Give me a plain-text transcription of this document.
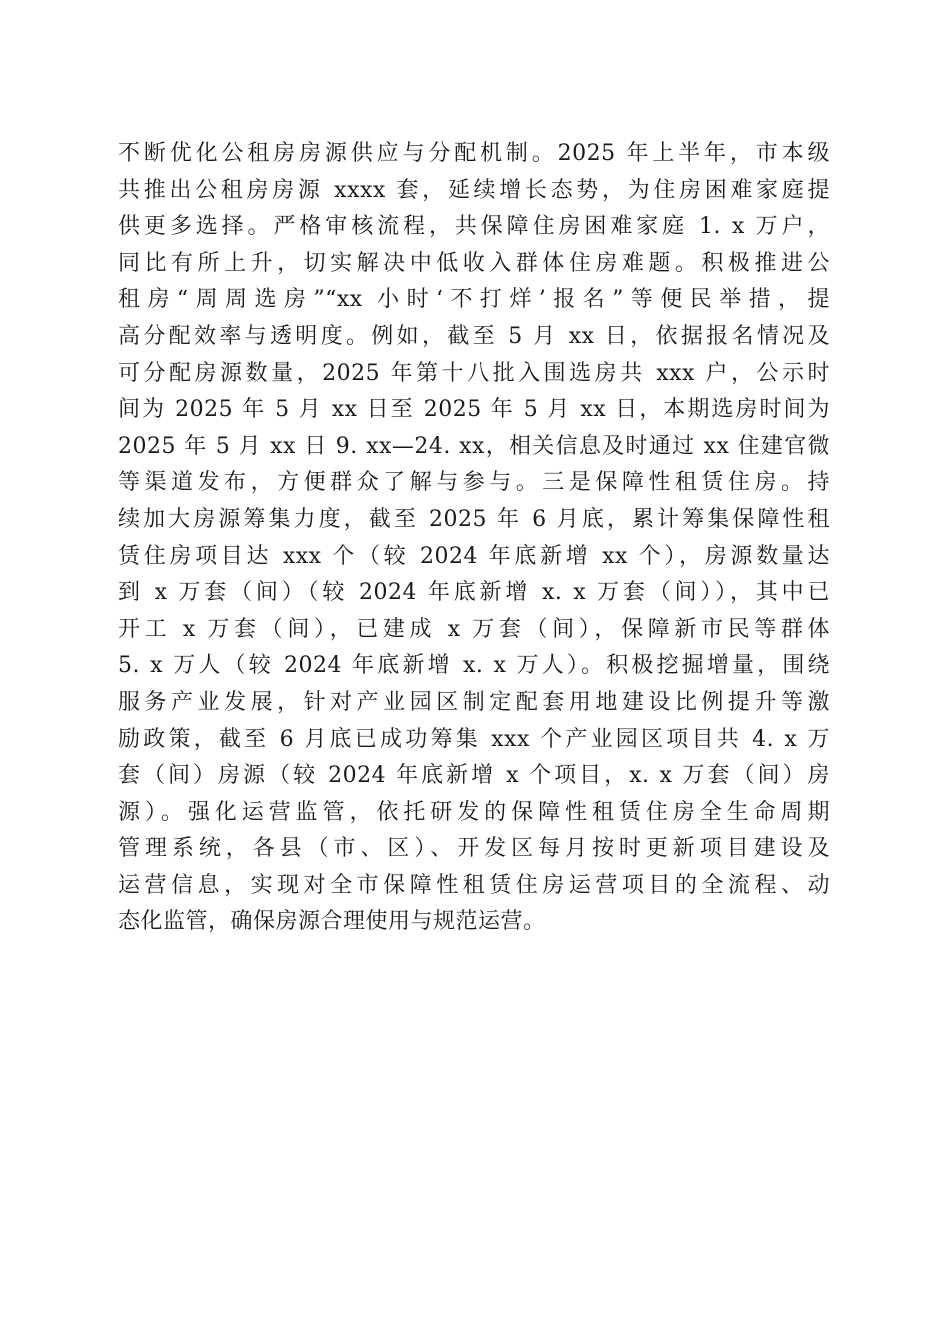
不断优化公租房房源供应与分配机制。2025 年上半年，市本级
共推出公租房房源 xxxx 套，延续增长态势，为住房困难家庭提
供更多选择。严格审核流程，共保障住房困难家庭 1. x 万户，
同比有所上升，切实解决中低收入群体住房难题。积极推进公
租房“周周选房”“xx 小时‘不打烊’报名”等便民举措，提
高分配效率与透明度。例如，截至 5 月 xx 日，依据报名情况及
可分配房源数量，2025 年第十八批入围选房共 xxx 户，公示时
间为 2025 年 5 月 xx 日至 2025 年 5 月 xx 日，本期选房时间为
2025 年 5 月 xx 日 9. xx—24. xx，相关信息及时通过 xx 住建官微
等渠道发布，方便群众了解与参与。三是保障性租赁住房。持
续加大房源筹集力度，截至 2025 年 6 月底，累计筹集保障性租
赁住房项目达 xxx 个（较 2024 年底新增 xx 个），房源数量达
到 x 万套（间）（较 2024 年底新增 x. x 万套（间）），其中已
开工 x 万套（间），已建成 x 万套（间），保障新市民等群体
5. x 万人（较 2024 年底新增 x. x 万人）。积极挖掘增量，围绕
服务产业发展，针对产业园区制定配套用地建设比例提升等激
励政策，截至 6 月底已成功筹集 xxx 个产业园区项目共 4. x 万
套（间）房源（较 2024 年底新增 x 个项目，x. x 万套（间）房
源）。强化运营监管，依托研发的保障性租赁住房全生命周期
管理系统，各县（市、区）、开发区每月按时更新项目建设及
运营信息，实现对全市保障性租赁住房运营项目的全流程、动
态化监管，确保房源合理使用与规范运营。
